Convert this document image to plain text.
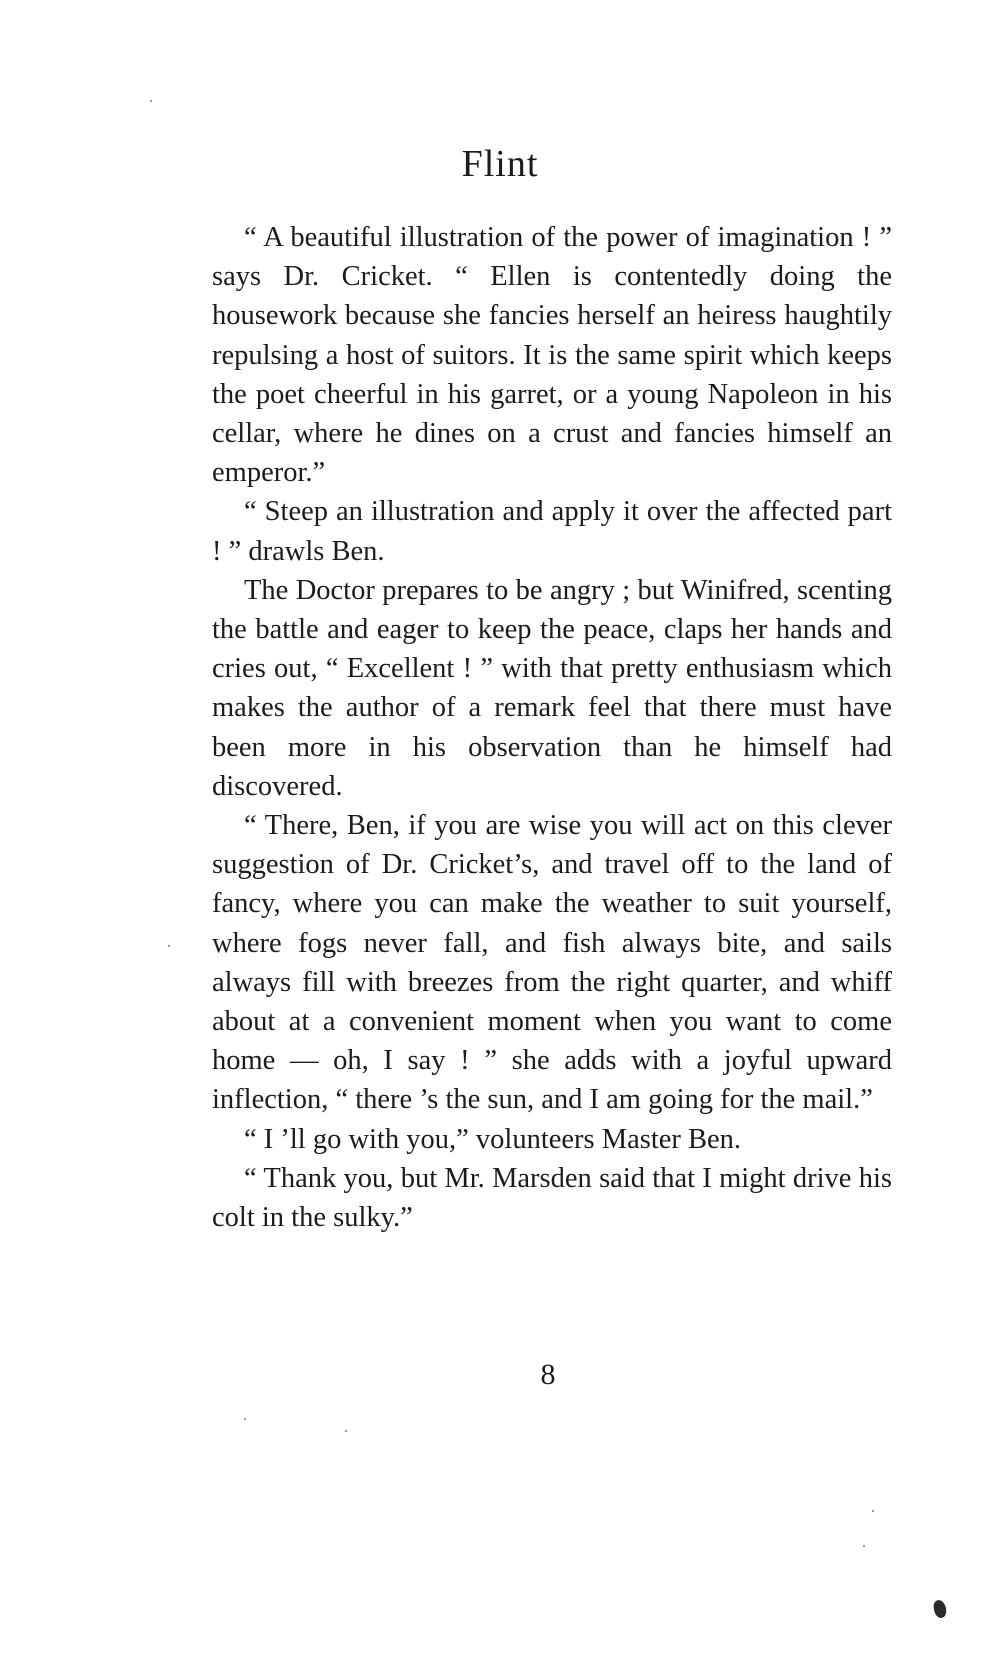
Flint

“ A beautiful illustration of the power of imagination ! ” says Dr. Cricket. “ Ellen is contentedly doing the housework because she fancies herself an heiress haughtily repulsing a host of suitors. It is the same spirit which keeps the poet cheerful in his garret, or a young Napoleon in his cellar, where he dines on a crust and fancies himself an emperor.”

“ Steep an illustration and apply it over the affected part ! ” drawls Ben.

The Doctor prepares to be angry ; but Winifred, scenting the battle and eager to keep the peace, claps her hands and cries out, “ Excellent ! ” with that pretty enthusiasm which makes the author of a remark feel that there must have been more in his observation than he himself had discovered.

“ There, Ben, if you are wise you will act on this clever suggestion of Dr. Cricket’s, and travel off to the land of fancy, where you can make the weather to suit yourself, where fogs never fall, and fish always bite, and sails always fill with breezes from the right quarter, and whiff about at a convenient moment when you want to come home — oh, I say ! ” she adds with a joyful upward inflection, “ there ’s the sun, and I am going for the mail.”

“ I ’ll go with you,” volunteers Master Ben.

“ Thank you, but Mr. Marsden said that I might drive his colt in the sulky.”

8
